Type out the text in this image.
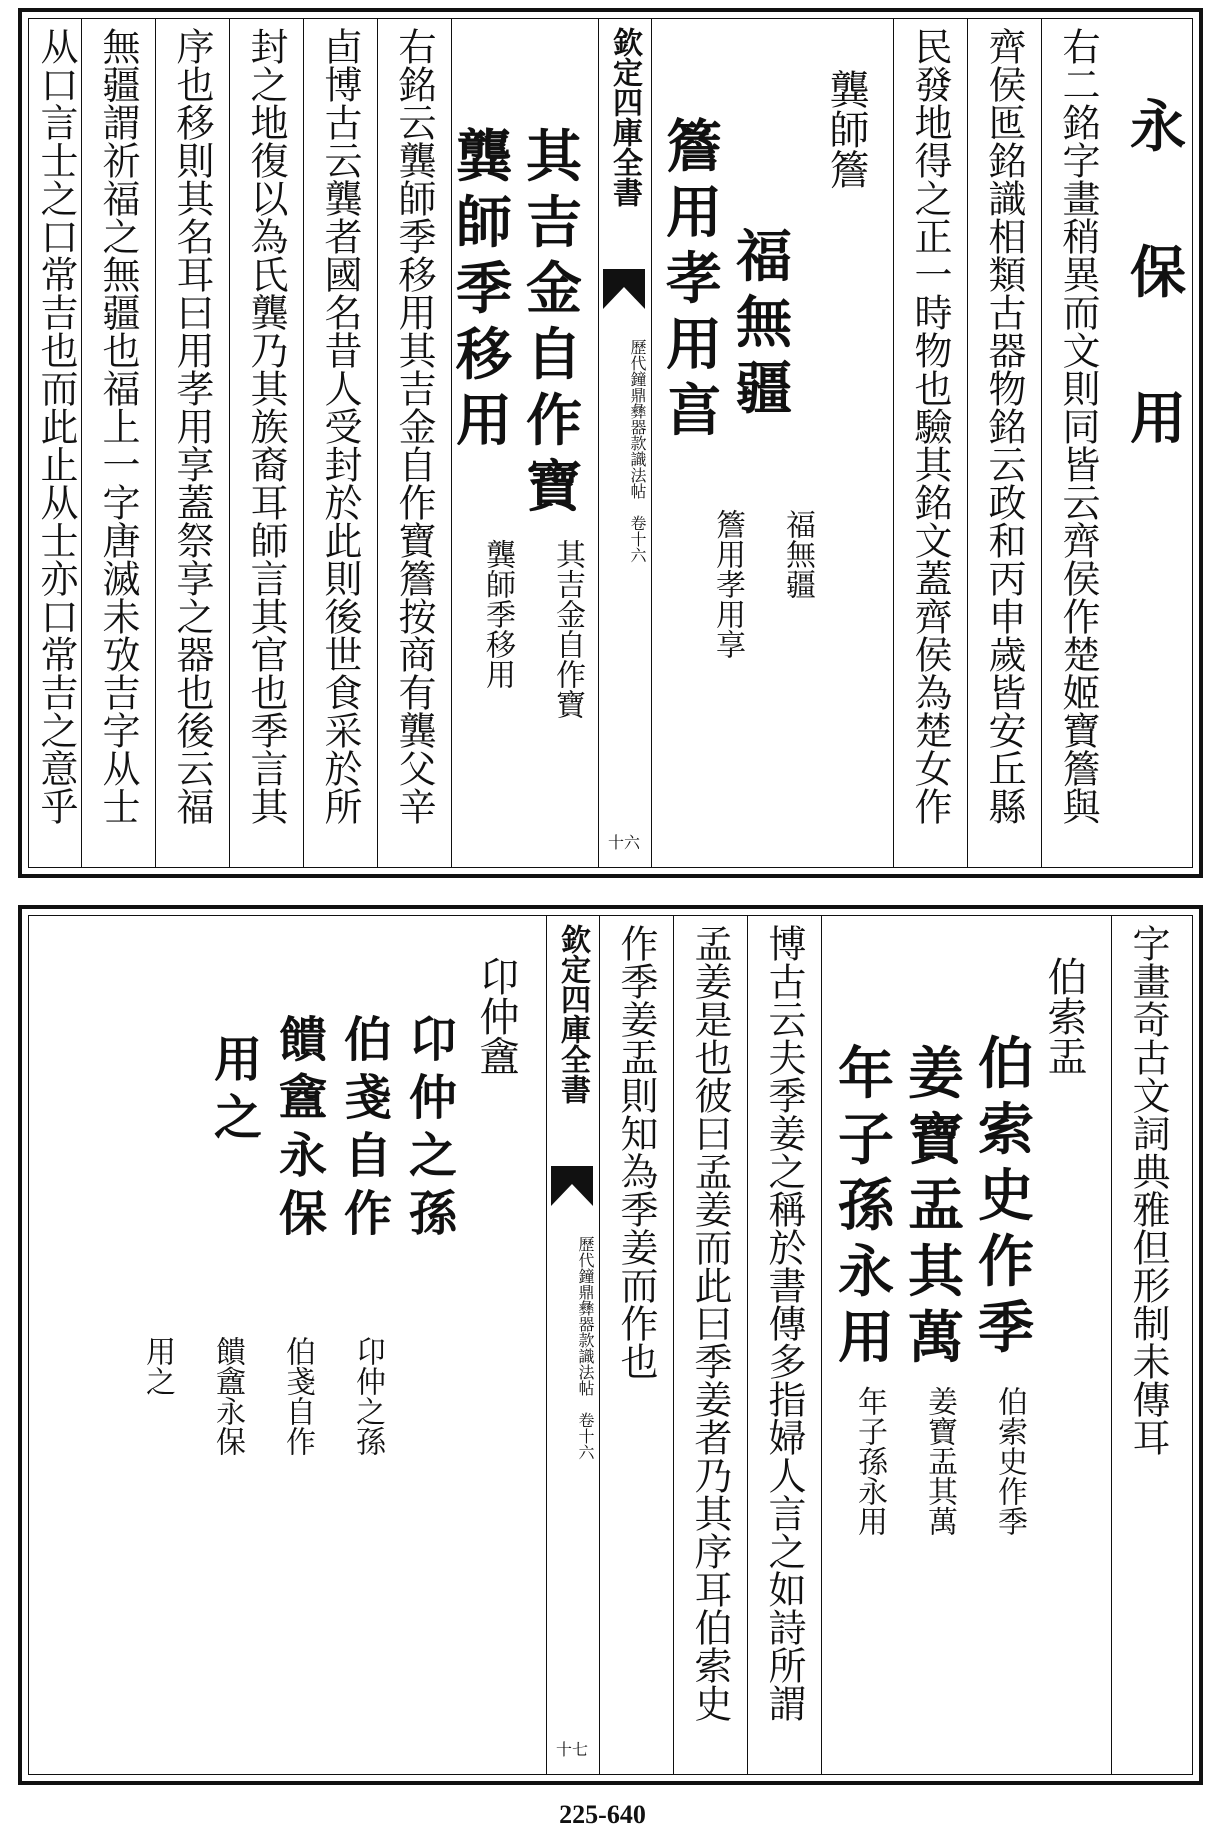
右二銘字畫稍異而文則同皆云齊侯作楚姬寶簷與
齊侯匜銘識相類古器物銘云政和丙申歲皆安丘縣
民發地得之正一時物也驗其銘文蓋齊侯為楚女作	永
保
用
龔師簷
福
無
疆
簷
用
孝
用
亯
福無疆
簷用孝用享
欽定四庫全書
歷代鐘鼎彝器款識法帖　卷十六
十六
其
吉
金
自
作
寶
龔
師
季
移
用
其吉金自作寶
龔師季移用
右銘云龔師季移用其吉金自作寶簷按商有龔父辛
卣博古云龔者國名昔人受封於此則後世食采於所
封之地復以為氏龔乃其族裔耳師言其官也季言其
序也移則其名耳曰用孝用享蓋祭享之器也後云福
無疆謂祈福之無疆也福上一字唐滅未攷吉字从士
从口言士之口常吉也而此止从士亦口常吉之意乎
字畫奇古文詞典雅但形制未傳耳
伯索盂
伯
索
史
作
季
姜
寶
盂
其
萬
年
子
孫
永
用
伯索史作季
姜寶盂其萬
年子孫永用
博古云夫季姜之稱於書傳多指婦人言之如詩所謂
孟姜是也彼曰孟姜而此曰季姜者乃其序耳伯索史
作季姜盂則知為季姜而作也
欽定四庫全書
歷代鐘鼎彝器款識法帖　卷十六
十七
卬仲盦
卬
仲
之
孫
伯
戔
自
作
饋
盦
永
保
用
之
卬仲之孫
伯戔自作
饋盦永保
用之
225-640
